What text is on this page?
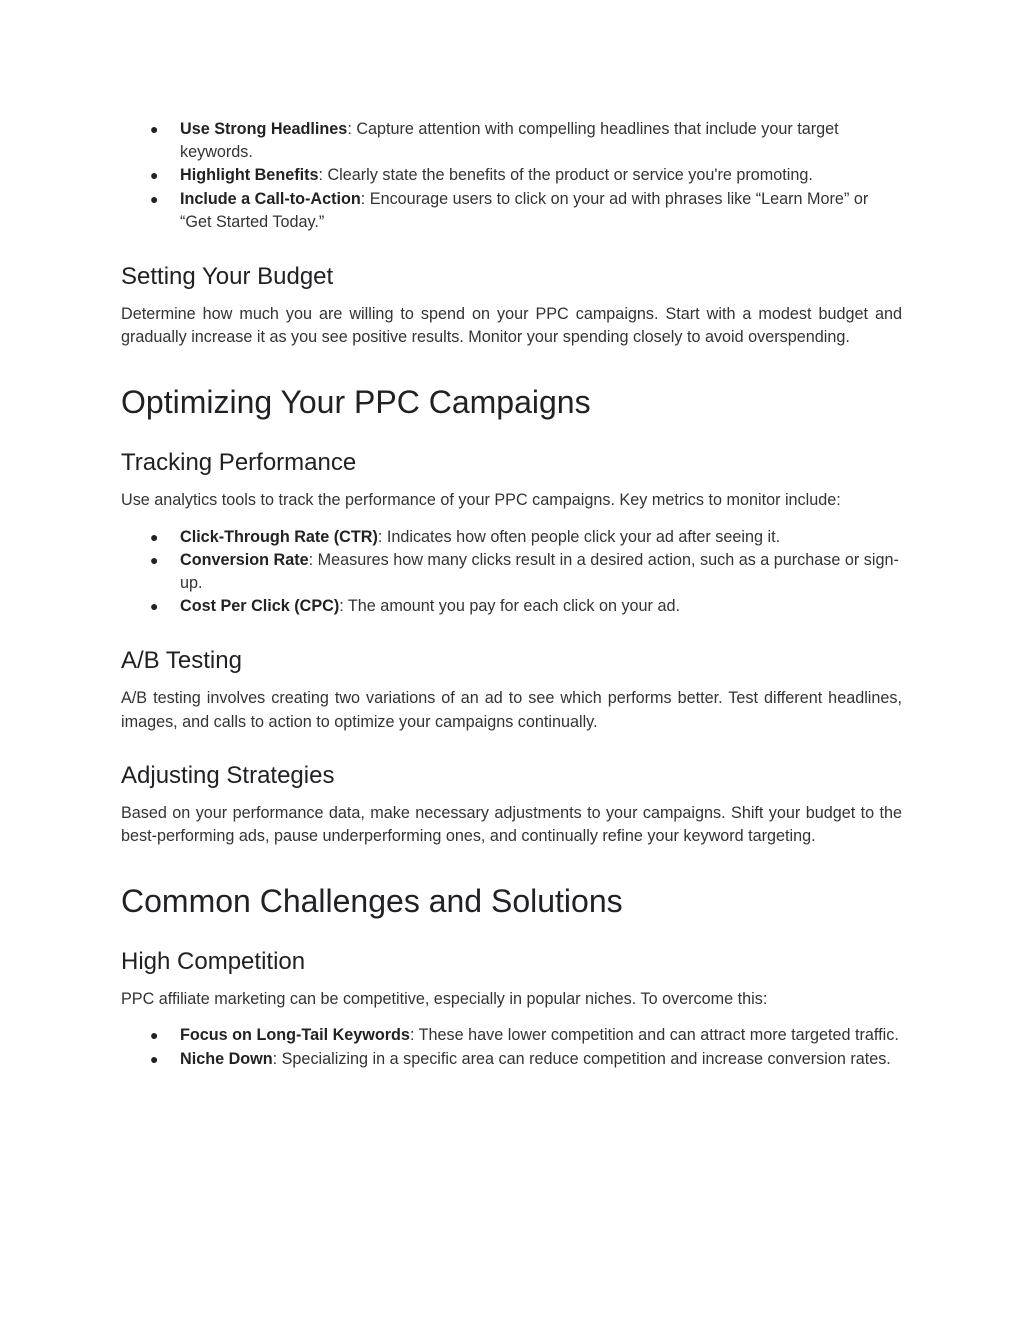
● Use Strong Headlines: Capture attention with compelling headlines that include your target keywords.
● Highlight Benefits: Clearly state the benefits of the product or service you're promoting.
● Include a Call-to-Action: Encourage users to click on your ad with phrases like “Learn More” or “Get Started Today.”
Setting Your Budget

Determine how much you are willing to spend on your PPC campaigns. Start with a modest budget and gradually increase it as you see positive results. Monitor your spending closely to avoid overspending.

Optimizing Your PPC Campaigns
Tracking Performance

Use analytics tools to track the performance of your PPC campaigns. Key metrics to monitor include:

● Click-Through Rate (CTR): Indicates how often people click your ad after seeing it.
● Conversion Rate: Measures how many clicks result in a desired action, such as a purchase or sign-up.
● Cost Per Click (CPC): The amount you pay for each click on your ad.
A/B Testing

A/B testing involves creating two variations of an ad to see which performs better. Test different headlines, images, and calls to action to optimize your campaigns continually.

Adjusting Strategies

Based on your performance data, make necessary adjustments to your campaigns. Shift your budget to the best-performing ads, pause underperforming ones, and continually refine your keyword targeting.

Common Challenges and Solutions
High Competition

PPC affiliate marketing can be competitive, especially in popular niches. To overcome this:

● Focus on Long-Tail Keywords: These have lower competition and can attract more targeted traffic.
● Niche Down: Specializing in a specific area can reduce competition and increase conversion rates.
